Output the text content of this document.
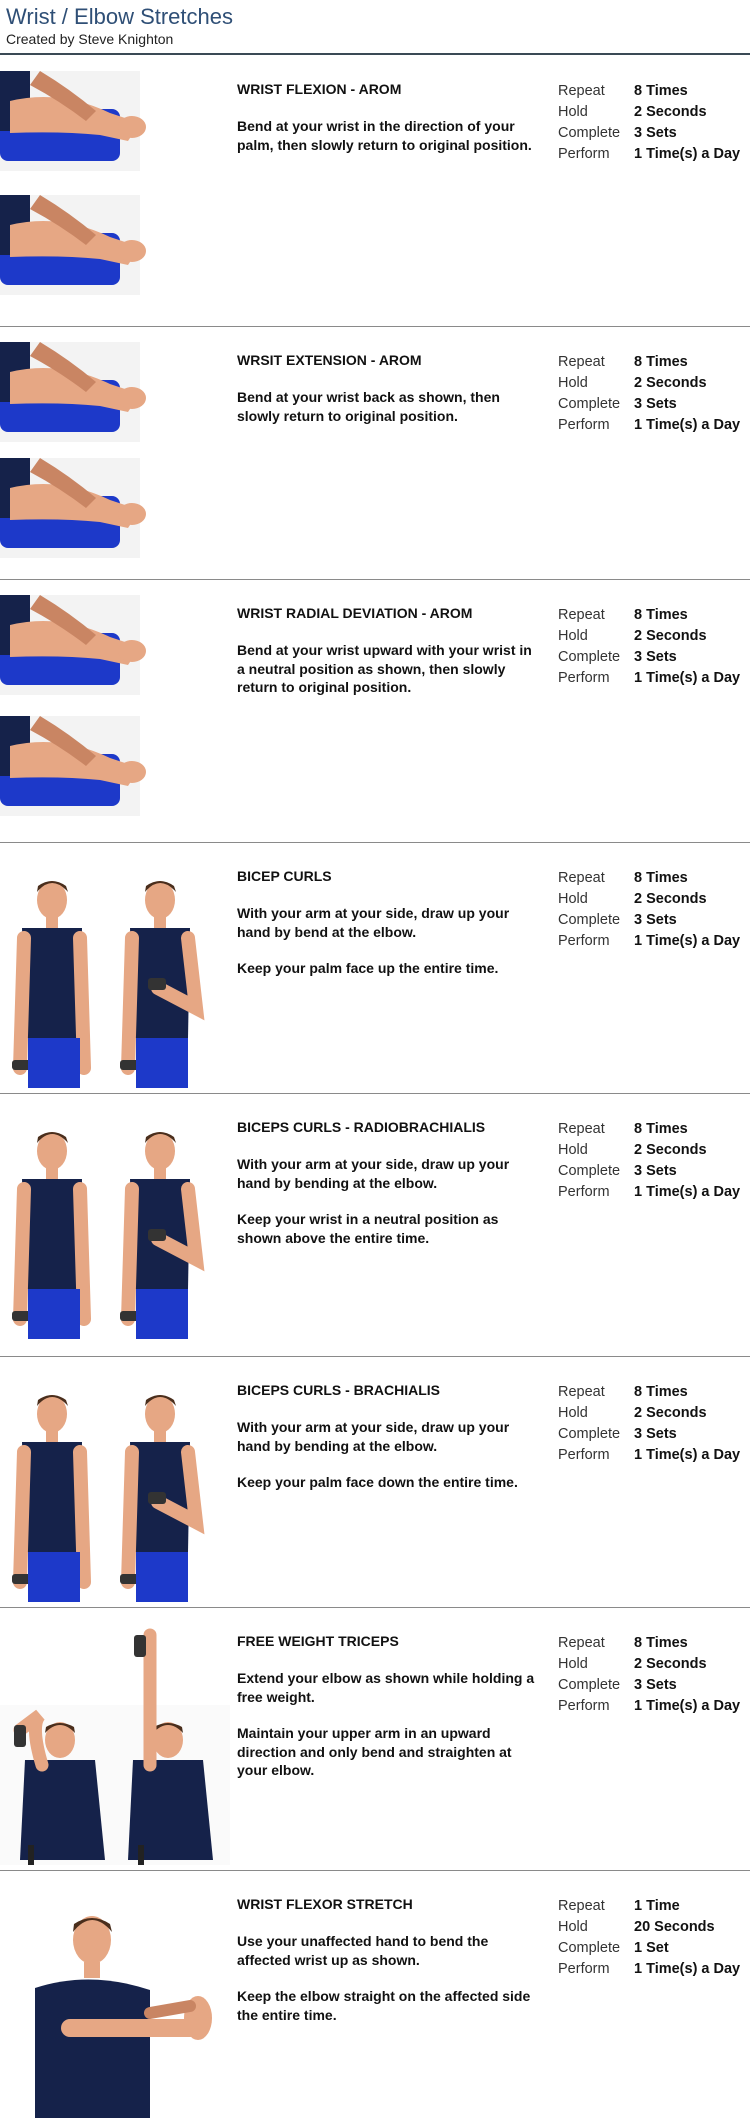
Wrist / Elbow Stretches
Created by Steve Knighton
WRIST FLEXION - AROM

Bend at your wrist in the direction of your palm, then slowly return to original position.

Repeat 8 Times
Hold	2 Seconds
Complete 3 Sets
Perform 1 Time(s) a Day
WRSIT EXTENSION - AROM

Bend at your wrist back as shown, then slowly return to original position.

Repeat 8 Times
Hold	2 Seconds
Complete 3 Sets
Perform 1 Time(s) a Day
WRIST RADIAL DEVIATION - AROM

Bend at your wrist upward with your wrist in a neutral position as shown, then slowly return to original position.

Repeat 8 Times
Hold	2 Seconds
Complete 3 Sets
Perform 1 Time(s) a Day
BICEP CURLS

With your arm at your side, draw up your hand by bend at the elbow.

Keep your palm face up the entire time.

Repeat 8 Times
Hold	2 Seconds
Complete 3 Sets
Perform 1 Time(s) a Day
BICEPS CURLS - RADIOBRACHIALIS

With your arm at your side, draw up your hand by bending at the elbow.

Keep your wrist in a neutral position as shown above the entire time.

Repeat 8 Times
Hold	2 Seconds
Complete 3 Sets
Perform 1 Time(s) a Day
BICEPS CURLS - BRACHIALIS

With your arm at your side, draw up your hand by bending at the elbow.

Keep your palm face down the entire time.

Repeat 8 Times
Hold	2 Seconds
Complete 3 Sets
Perform 1 Time(s) a Day
FREE WEIGHT TRICEPS

Extend your elbow as shown while holding a free weight.

Maintain your upper arm in an upward direction and only bend and straighten at your elbow.

Repeat 8 Times
Hold	2 Seconds
Complete 3 Sets
Perform 1 Time(s) a Day
WRIST FLEXOR STRETCH

Use your unaffected hand to bend the affected wrist up as shown.

Keep the elbow straight on the affected side the entire time.

Repeat 1 Time
Hold	20 Seconds
Complete 1 Set
Perform 1 Time(s) a Day
